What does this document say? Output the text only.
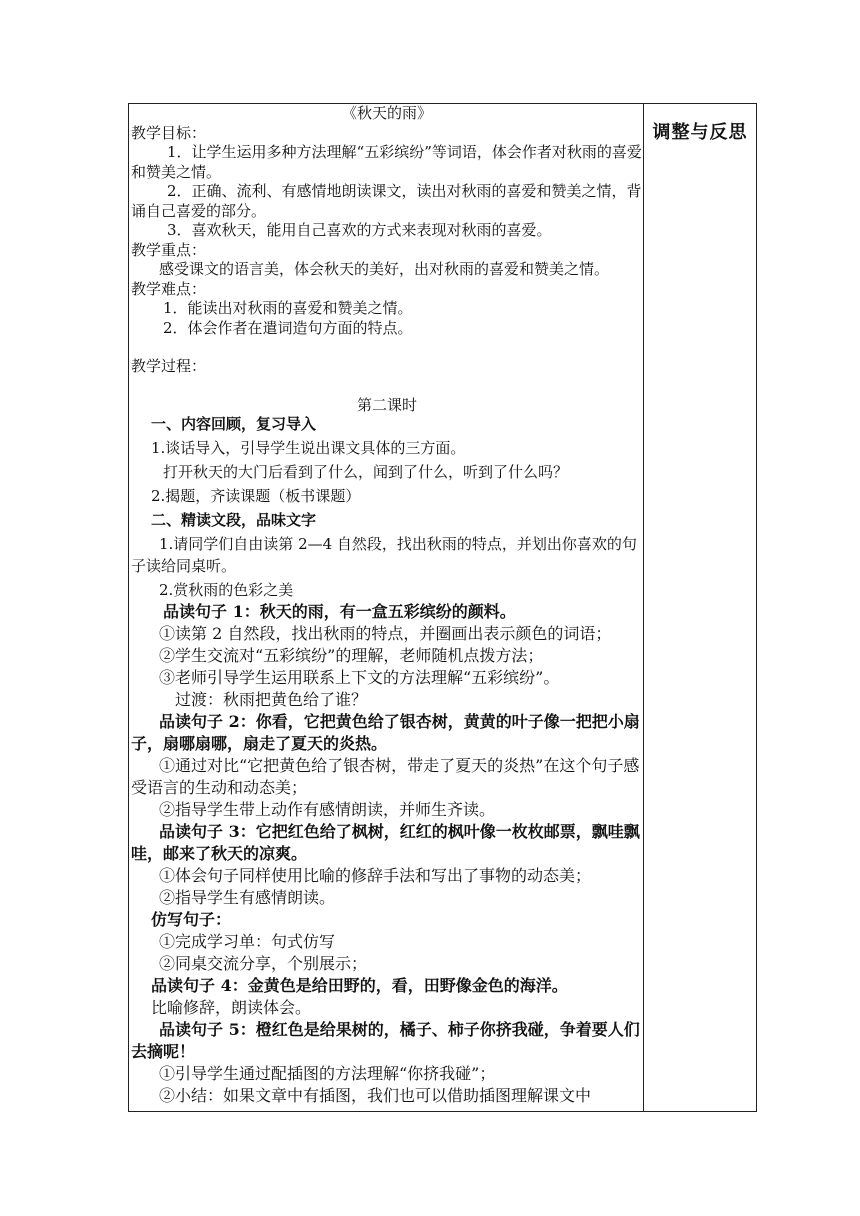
《秋天的雨》

教学目标：

1．让学生运用多种方法理解“五彩缤纷”等词语，体会作者对秋雨的喜爱和赞美之情。

2．正确、流利、有感情地朗读课文，读出对秋雨的喜爱和赞美之情，背诵自己喜爱的部分。

3．喜欢秋天，能用自己喜欢的方式来表现对秋雨的喜爱。

教学重点：

感受课文的语言美，体会秋天的美好，出对秋雨的喜爱和赞美之情。

教学难点：

1．能读出对秋雨的喜爱和赞美之情。

2．体会作者在遣词造句方面的特点。

教学过程：

第二课时

一、内容回顾，复习导入

1.谈话导入，引导学生说出课文具体的三方面。

打开秋天的大门后看到了什么，闻到了什么，听到了什么吗？

2.揭题，齐读课题（板书课题）

二、精读文段，品味文字

1.请同学们自由读第 2—4 自然段，找出秋雨的特点，并划出你喜欢的句子读给同桌听。

2.赏秋雨的色彩之美

品读句子 1：秋天的雨，有一盒五彩缤纷的颜料。

①读第 2 自然段，找出秋雨的特点，并圈画出表示颜色的词语；

②学生交流对“五彩缤纷”的理解，老师随机点拨方法；

③老师引导学生运用联系上下文的方法理解“五彩缤纷”。

过渡：秋雨把黄色给了谁？

品读句子 2：你看，它把黄色给了银杏树，黄黄的叶子像一把把小扇子，扇哪扇哪，扇走了夏天的炎热。

①通过对比“它把黄色给了银杏树，带走了夏天的炎热”在这个句子感受语言的生动和动态美；

②指导学生带上动作有感情朗读，并师生齐读。

品读句子 3：它把红色给了枫树，红红的枫叶像一枚枚邮票，飘哇飘哇，邮来了秋天的凉爽。

①体会句子同样使用比喻的修辞手法和写出了事物的动态美；

②指导学生有感情朗读。

仿写句子：

①完成学习单：句式仿写

②同桌交流分享，个别展示；

品读句子 4：金黄色是给田野的，看，田野像金色的海洋。

比喻修辞，朗读体会。

品读句子 5：橙红色是给果树的，橘子、柿子你挤我碰，争着要人们去摘呢！

①引导学生通过配插图的方法理解“你挤我碰”；

②小结：如果文章中有插图，我们也可以借助插图理解课文中

调整与反思
